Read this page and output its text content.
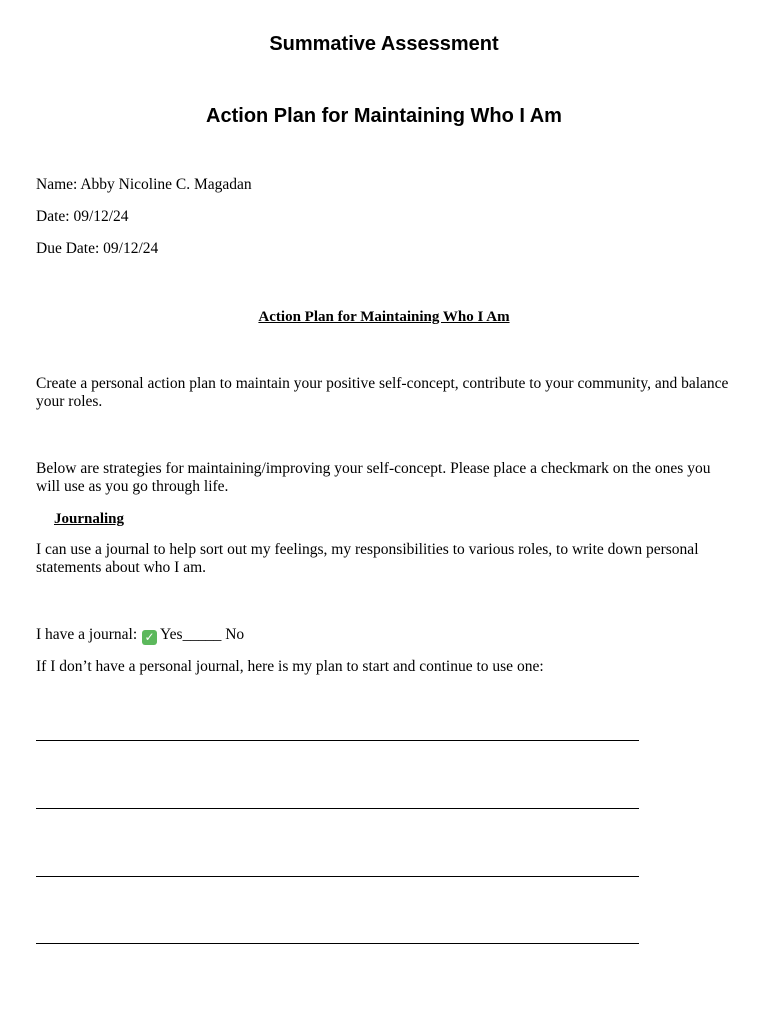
Summative Assessment
Action Plan for Maintaining Who I Am
Name: Abby Nicoline C. Magadan
Date: 09/12/24
Due Date: 09/12/24
Action Plan for Maintaining Who I Am
Create a personal action plan to maintain your positive self-concept, contribute to your community, and balance your roles.
Below are strategies for maintaining/improving your self-concept. Please place a checkmark on the ones you will use as you go through life.
Journaling
I can use a journal to help sort out my feelings, my responsibilities to various roles, to write down personal statements about who I am.
I have a journal: ✓ Yes_____ No
If I don’t have a personal journal, here is my plan to start and continue to use one:
